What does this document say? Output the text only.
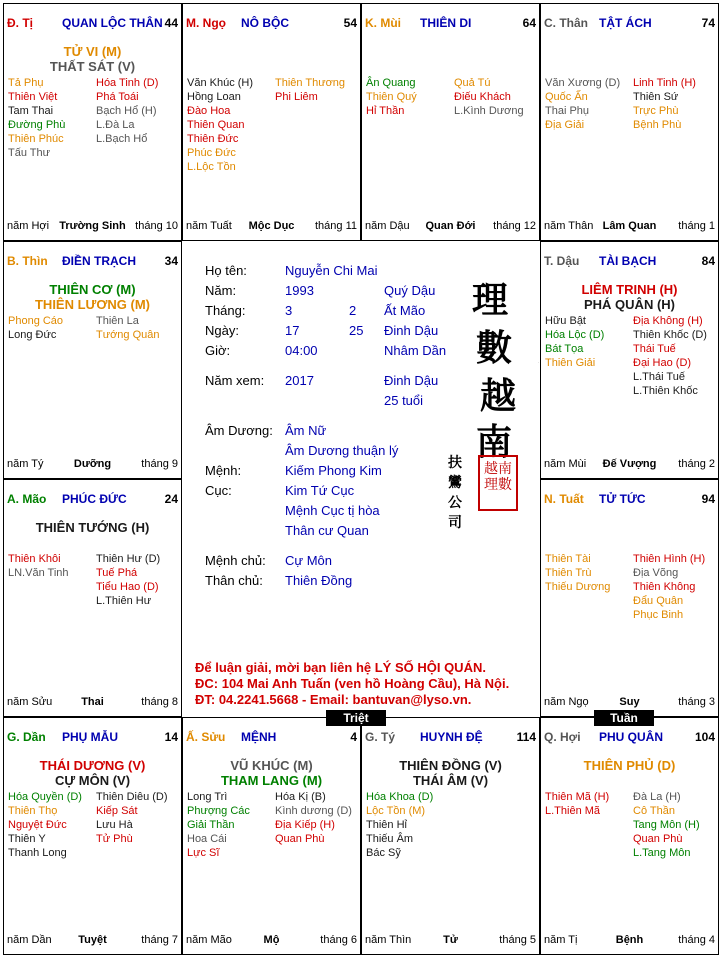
Đ. Tị QUAN LỘC THÂN 44
TỬ VI (M)
THẤT SÁT (V)
Tả Phụ
Thiên Việt
Tam Thai
Đường Phù
Thiên Phúc
Tấu Thư
Hóa Tinh (D)
Phá Toái
Bạch Hổ (H)
L.Đà La
L.Bạch Hổ
năm Hợi Trường Sinh tháng 10
M. Ngọ NÔ BỘC	54
Văn Khúc (H)
Hồng Loan
Đào Hoa
Thiên Quan
Thiên Đức
Phúc Đức
L.Lộc Tồn
Thiên Thương
Phi Liêm
năm Tuất	Mộc Dục	tháng 11
K. Mùi THIÊN DI	64
Ân Quang
Thiên Quý
Hỉ Thần
Quả Tú
Điếu Khách
L.Kình Dương
năm Dậu	Quan Đới	tháng 12
C. Thân TẬT ÁCH	74
Văn Xương (D)
Quốc Ấn
Thai Phụ
Địa Giải
Linh Tinh (H)
Thiên Sứ
Trực Phù
Bệnh Phù
năm Thân Lâm Quan	tháng 1
B. Thìn ĐIỀN TRẠCH 34
THIÊN CƠ (M)
THIÊN LƯƠNG (M)
Phong Cáo
Long Đức
Thiên La
Tướng Quân
năm Tý	Dưỡng	tháng 9
T. Dậu TÀI BẠCH	84
LIÊM TRINH (H)
PHÁ QUÂN (H)
Hữu Bật
Hóa Lộc (D)
Bát Tọa
Thiên Giải
Địa Không (H)
Thiên Khốc (D)
Thái Tuế
Đại Hao (D)
L.Thái Tuế
L.Thiên Khốc
năm Mùi	Đế Vượng	tháng 2
A. Mão PHÚC ĐỨC	24
THIÊN TƯỚNG (H)
Thiên Khôi
LN.Văn Tinh
Thiên Hư (D)
Tuế Phá
Tiểu Hao (D)
L.Thiên Hư
năm Sửu	Thai	tháng 8
N. Tuất TỬ TỨC	94
Thiên Tài
Thiên Trù
Thiếu Dương
Thiên Hình (H)
Địa Võng
Thiên Không
Đẩu Quân
Phục Binh
năm Ngọ	Suy	tháng 3
G. Dần PHỤ MẪU	14
THÁI DƯƠNG (V)
CỰ MÔN (V)
Hóa Quyền (D)
Thiên Thọ
Nguyệt Đức
Thiên Y
Thanh Long
Thiên Diêu (D)
Kiếp Sát
Lưu Hà
Tử Phù
năm Dần	Tuyệt	tháng 7
Ấ. Sửu MỆNH	4
VŨ KHÚC (M)
THAM LANG (M)
Long Trì
Phượng Các
Giải Thần
Hoa Cái
Lực Sĩ
Hóa Kị (B)
Kình dương (D)
Địa Kiếp (H)
Quan Phù
năm Mão	Mộ	tháng 6
G. Tý HUYNH ĐỆ	114
THIÊN ĐỒNG (V)
THÁI ÂM (V)
Hóa Khoa (D)
Lộc Tồn (M)
Thiên Hỉ
Thiếu Âm
Bác Sỹ
năm Thìn	Tử	tháng 5
Q. Hợi PHU QUÂN	104
THIÊN PHỦ (D)
Thiên Mã (H)
L.Thiên Mã
Đà La (H)
Cô Thần
Tang Môn (H)
Quan Phù
L.Tang Môn
năm Tị	Bệnh	tháng 4
Họ tên:	Nguyễn Chi Mai
Năm:	1993	Quý Dậu
Tháng:	3	2 Ất Mão
Ngày:	17	25 Đinh Dậu
Giờ:	04:00	Nhâm Dần
Năm xem: 2017	Đinh Dậu
25 tuổi
Âm Dương: Âm Nữ
Âm Dương thuận lý
Mệnh:	Kiếm Phong Kim
Cục:	Kim Tứ Cục
Mệnh Cục tị hòa
Thân cư Quan
Mệnh chủ: Cự Môn
Thân chủ: Thiên Đồng
理
數
越
南
扶
鸞
公
司
越南理數
Để luận giải, mời bạn liên hệ LÝ SỐ HỘI QUÁN.
ĐC: 104 Mai Anh Tuấn (ven hồ Hoàng Cầu), Hà Nội.
ĐT: 04.2241.5668 - Email: bantuvan@lyso.vn.
Triệt	Tuần
